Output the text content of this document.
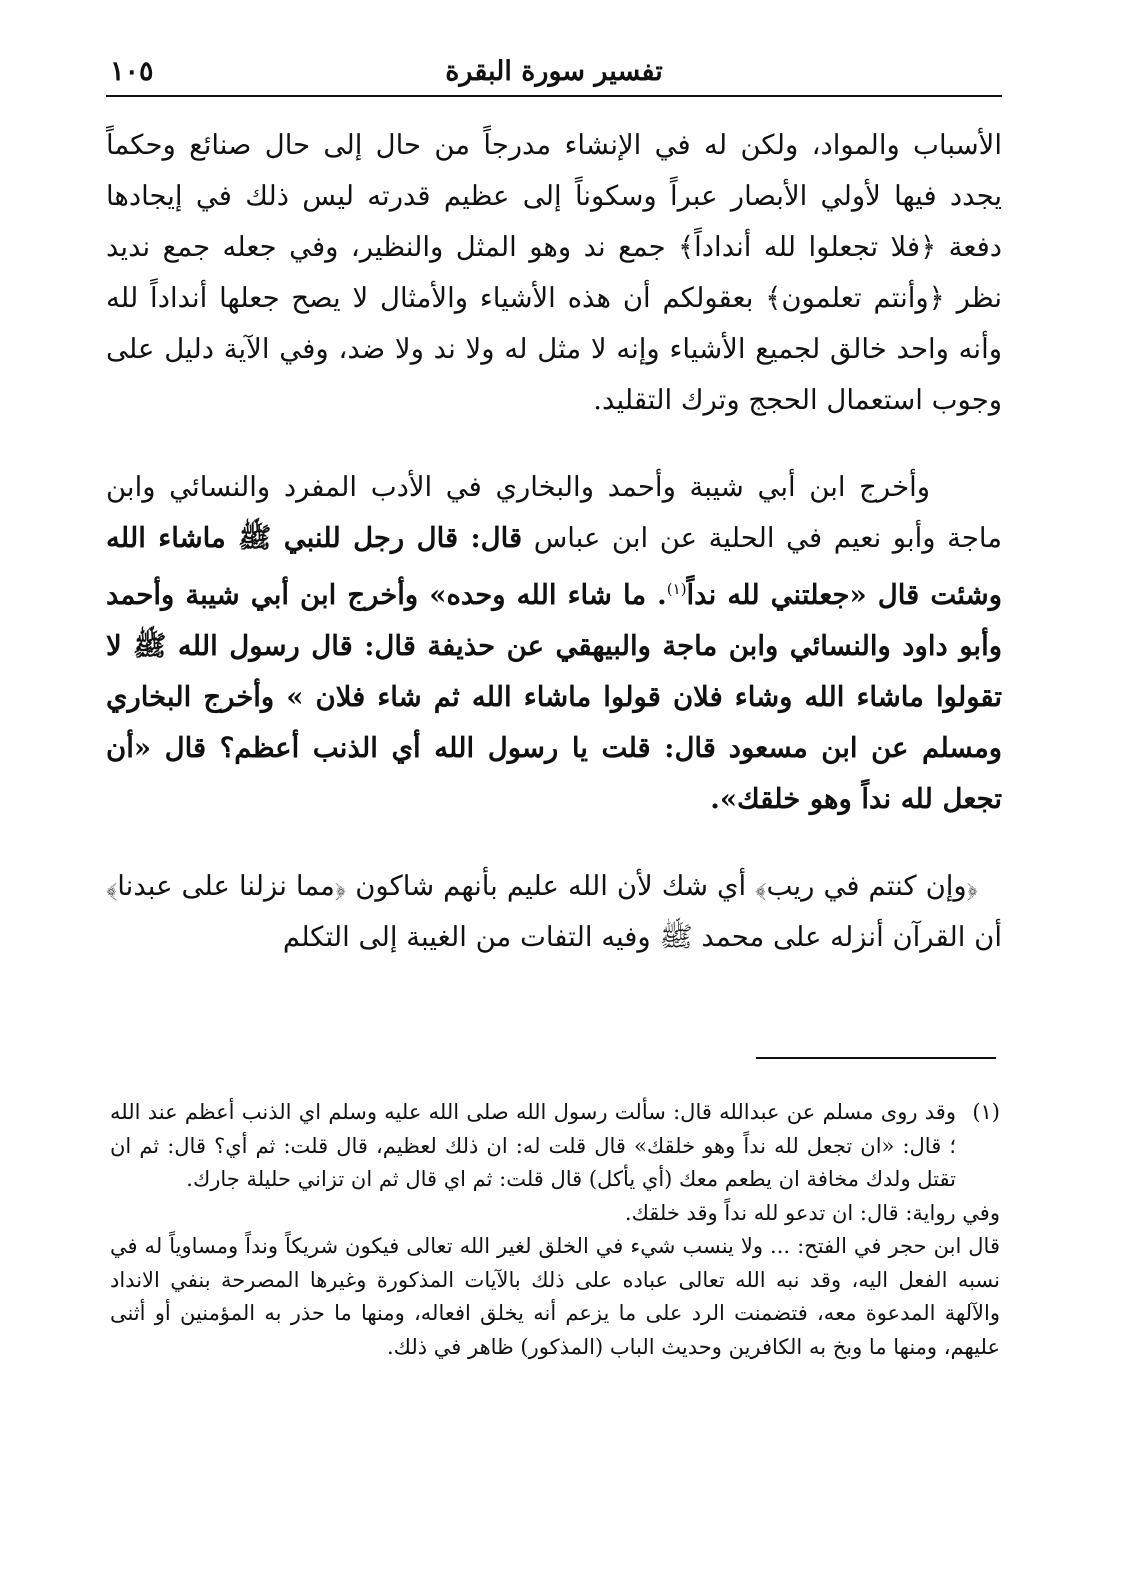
تفسير سورة البقرة
١٠٥

الأسباب والمواد، ولكن له في الإنشاء مدرجاً من حال إلى حال صنائع وحكماً يجدد فيها لأولي الأبصار عبراً وسكوناً إلى عظيم قدرته ليس ذلك في إيجادها دفعة ﴿فلا تجعلوا لله أنداداً﴾ جمع ند وهو المثل والنظير، وفي جعله جمع نديد نظر ﴿وأنتم تعلمون﴾ بعقولكم أن هذه الأشياء والأمثال لا يصح جعلها أنداداً لله وأنه واحد خالق لجميع الأشياء وإنه لا مثل له ولا ند ولا ضد، وفي الآية دليل على وجوب استعمال الحجج وترك التقليد.

وأخرج ابن أبي شيبة وأحمد والبخاري في الأدب المفرد والنسائي وابن ماجة وأبو نعيم في الحلية عن ابن عباس قال: قال رجل للنبي ﷺ ماشاء الله وشئت قال «جعلتني لله نداً$^{(١)}$. ما شاء الله وحده» وأخرج ابن أبي شيبة وأحمد وأبو داود والنسائي وابن ماجة والبيهقي عن حذيفة قال: قال رسول الله ﷺ لا تقولوا ماشاء الله وشاء فلان قولوا ماشاء الله ثم شاء فلان » وأخرج البخاري ومسلم عن ابن مسعود قال: قلت يا رسول الله أي الذنب أعظم؟ قال «أن تجعل لله نداً وهو خلقك».

﴿وإن كنتم في ريب﴾ أي شك لأن الله عليم بأنهم شاكون ﴿مما نزلنا على عبدنا﴾ أن القرآن أنزله على محمد ﷺ وفيه التفات من الغيبة إلى التكلم

(١)
وقد روى مسلم عن عبدالله قال: سألت رسول الله صلى الله عليه وسلم اي الذنب أعظم عند الله ؛ قال: «ان تجعل لله نداً وهو خلقك» قال قلت له: ان ذلك لعظيم، قال قلت: ثم أي؟ قال: ثم ان تقتل ولدك مخافة ان يطعم معك (أي يأكل) قال قلت: ثم اي قال ثم ان تزاني حليلة جارك.

وفي رواية: قال: ان تدعو لله نداً وقد خلقك.

قال ابن حجر في الفتح: ... ولا ينسب شيء في الخلق لغير الله تعالى فيكون شريكاً ونداً ومساوياً له في نسبه الفعل اليه، وقد نبه الله تعالى عباده على ذلك بالآيات المذكورة وغيرها المصرحة بنفي الانداد والآلهة المدعوة معه، فتضمنت الرد على ما يزعم أنه يخلق افعاله، ومنها ما حذر به المؤمنين أو أثنى عليهم، ومنها ما وبخ به الكافرين وحديث الباب (المذكور) ظاهر في ذلك.
